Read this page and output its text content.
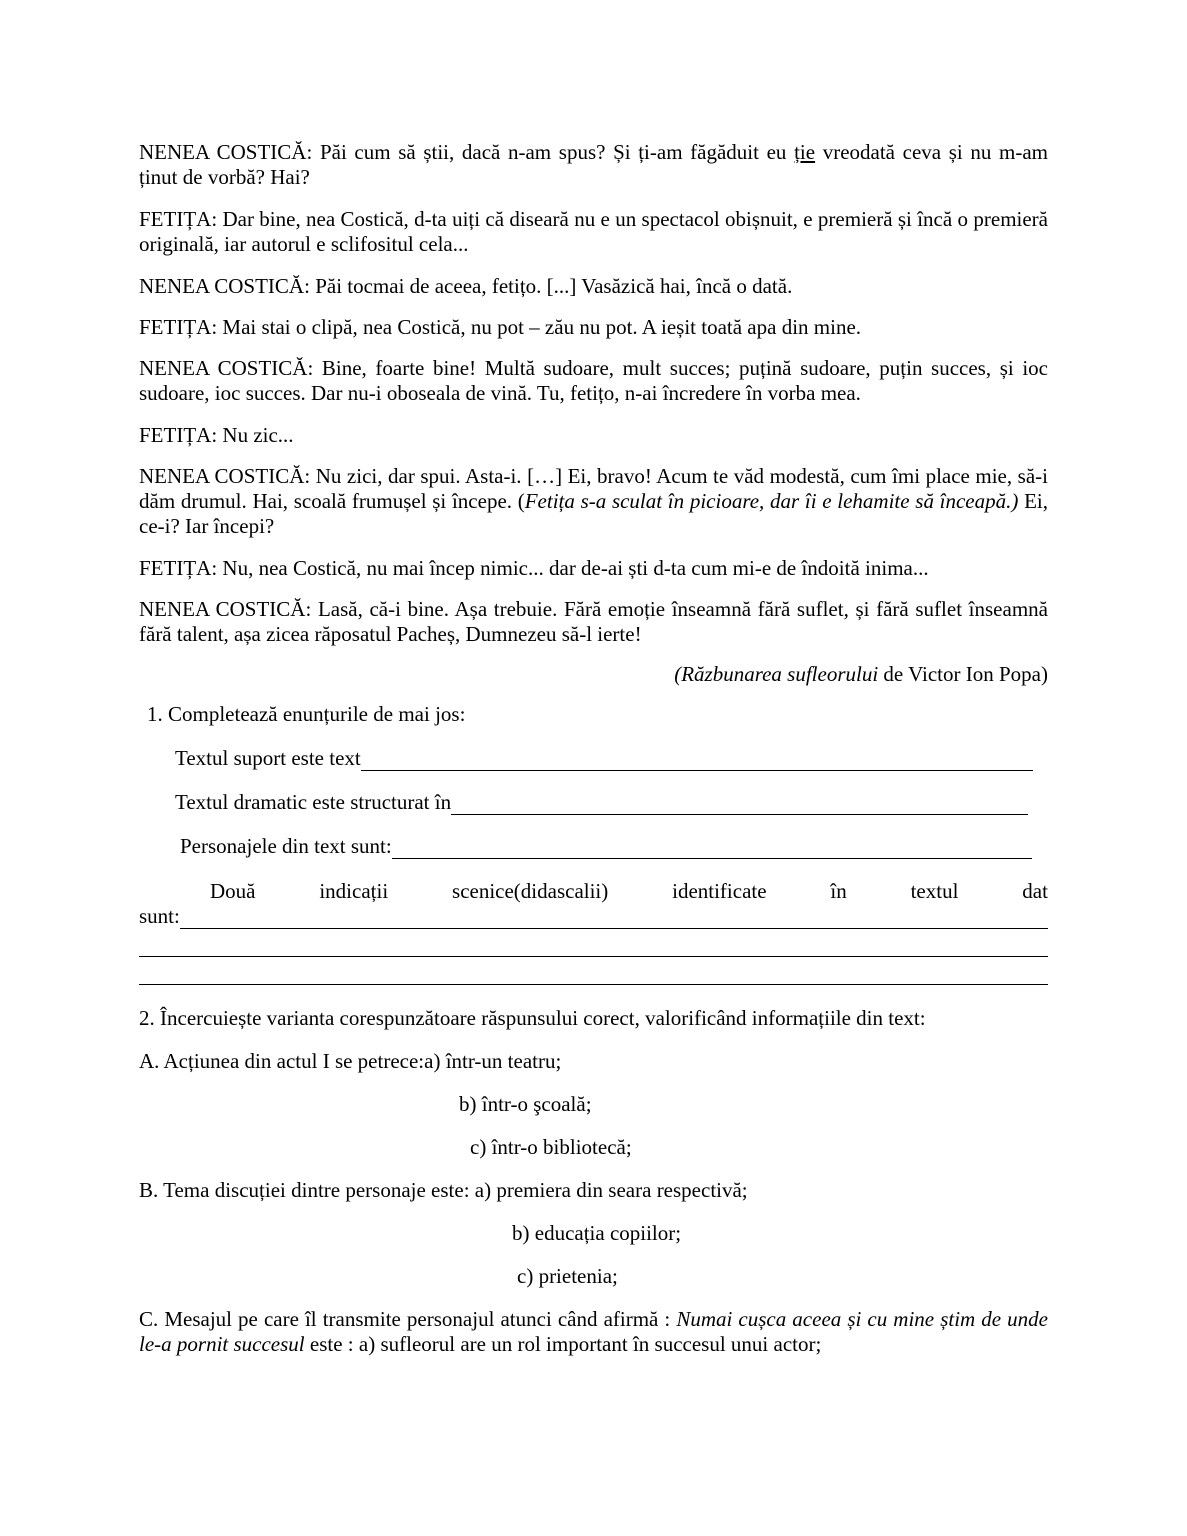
NENEA COSTICĂ: Păi cum să știi, dacă n-am spus? Și ți-am făgăduit eu ție vreodată ceva și nu m-am ținut de vorbă? Hai?

FETIȚA: Dar bine, nea Costică, d-ta uiți că diseară nu e un spectacol obișnuit, e premieră și încă o premieră originală, iar autorul e sclifositul cela...

NENEA COSTICĂ: Păi tocmai de aceea, fetițo. [...] Vasăzică hai, încă o dată.

FETIȚA: Mai stai o clipă, nea Costică, nu pot – zău nu pot. A ieșit toată apa din mine.

NENEA COSTICĂ: Bine, foarte bine! Multă sudoare, mult succes; puțină sudoare, puțin succes, și ioc sudoare, ioc succes. Dar nu-i oboseala de vină. Tu, fetițo, n-ai încredere în vorba mea.

FETIȚA: Nu zic...

NENEA COSTICĂ: Nu zici, dar spui. Asta-i. […] Ei, bravo! Acum te văd modestă, cum îmi place mie, să-i dăm drumul. Hai, scoală frumușel și începe. (Fetița s-a sculat în picioare, dar îi e lehamite să înceapă.) Ei, ce-i? Iar începi?

FETIȚA: Nu, nea Costică, nu mai încep nimic... dar de-ai ști d-ta cum mi-e de îndoită inima...

NENEA COSTICĂ: Lasă, că-i bine. Așa trebuie. Fără emoție înseamnă fără suflet, și fără suflet înseamnă fără talent, așa zicea răposatul Pacheș, Dumnezeu să-l ierte!

(Răzbunarea sufleorului de Victor Ion Popa)

1. Completează enunțurile de mai jos:

Textul suport este text
Textul dramatic este structurat în
Personajele din text sunt:
Două	indicații	scenice(didascalii)	identificate	în	textul	dat
sunt:

2. Încercuiește varianta corespunzătoare răspunsului corect, valorificând informațiile din text:

A. Acțiunea din actul I se petrece:a) într-un teatru;

b) într-o şcoală;

c) într-o bibliotecă;

B. Tema discuției dintre personaje este: a) premiera din seara respectivă;

b) educația copiilor;

c) prietenia;

C. Mesajul pe care îl transmite personajul atunci când afirmă : Numai cușca aceea și cu mine știm de unde le-a pornit succesul este : a) sufleorul are un rol important în succesul unui actor;
